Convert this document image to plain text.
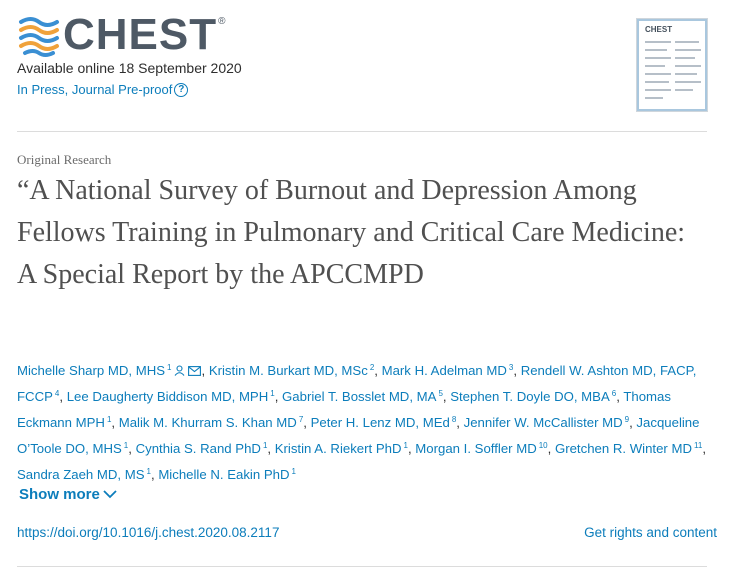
CHEST ®
Available online 18 September 2020
In Press, Journal Pre-proof ?
CHEST
Original Research
“A National Survey of Burnout and Depression Among Fellows Training in Pulmonary and Critical Care Medicine: A Special Report by the APCCMPD
Michelle Sharp MD, MHS $^1$ , Kristin M. Burkart MD, MSc $^2$, Mark H. Adelman MD $^3$, Rendell W. Ashton MD, FACP, FCCP $^4$, Lee Daugherty Biddison MD, MPH $^1$, Gabriel T. Bosslet MD, MA $^5$, Stephen T. Doyle DO, MBA $^6$, Thomas Eckmann MPH $^1$, Malik M. Khurram S. Khan MD $^7$, Peter H. Lenz MD, MEd $^8$, Jennifer W. McCallister MD $^9$, Jacqueline O’Toole DO, MHS $^1$, Cynthia S. Rand PhD $^1$, Kristin A. Riekert PhD $^1$, Morgan I. Soffler MD $^{10}$, Gretchen R. Winter MD $^{11}$, Sandra Zaeh MD, MS $^1$, Michelle N. Eakin PhD $^1$
Show more
https://doi.org/10.1016/j.chest.2020.08.2117	Get rights and content
